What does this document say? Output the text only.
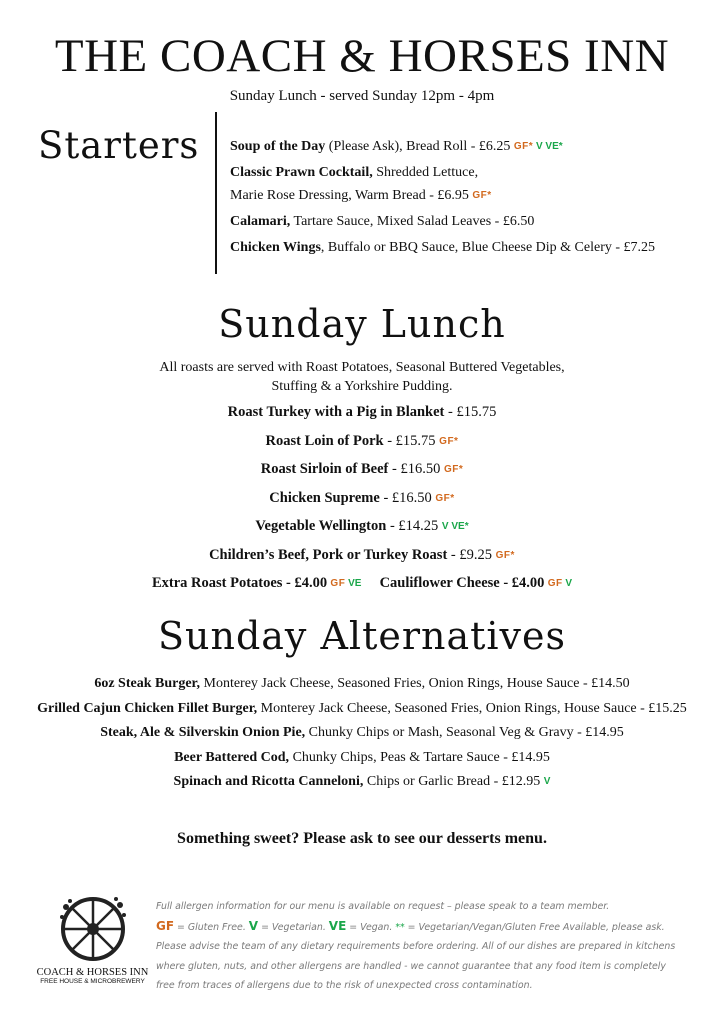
THE COACH & HORSES INN
Sunday Lunch - served Sunday 12pm - 4pm
Starters Soup of the Day (Please Ask), Bread Roll - £6.25 GF* V VE*
Classic Prawn Cocktail, Shredded Lettuce,
Marie Rose Dressing, Warm Bread - £6.95 GF*
Calamari, Tartare Sauce, Mixed Salad Leaves - £6.50
Chicken Wings, Buffalo or BBQ Sauce, Blue Cheese Dip & Celery - £7.25
Sunday Lunch
All roasts are served with Roast Potatoes, Seasonal Buttered Vegetables,
Stuffing & a Yorkshire Pudding.
Roast Turkey with a Pig in Blanket - £15.75
Roast Loin of Pork - £15.75 GF*
Roast Sirloin of Beef - £16.50 GF*
Chicken Supreme - £16.50 GF*
Vegetable Wellington - £14.25 V VE*
Children’s Beef, Pork or Turkey Roast - £9.25 GF*
Extra Roast Potatoes - £4.00 GF VE Cauliflower Cheese - £4.00 GF V
Sunday Alternatives
6oz Steak Burger, Monterey Jack Cheese, Seasoned Fries, Onion Rings, House Sauce - £14.50
Grilled Cajun Chicken Fillet Burger, Monterey Jack Cheese, Seasoned Fries, Onion Rings, House Sauce - £15.25
Steak, Ale & Silverskin Onion Pie, Chunky Chips or Mash, Seasonal Veg & Gravy - £14.95
Beer Battered Cod, Chunky Chips, Peas & Tartare Sauce - £14.95
Spinach and Ricotta Canneloni, Chips or Garlic Bread - £12.95 V
Something sweet? Please ask to see our desserts menu.
COACH & HORSES INN
FREE HOUSE & MICROBREWERY
Full allergen information for our menu is available on request – please speak to a team member.
GF = Gluten Free. V = Vegetarian. VE = Vegan. ** = Vegetarian/Vegan/Gluten Free Available, please ask.
Please advise the team of any dietary requirements before ordering. All of our dishes are prepared in kitchens
where gluten, nuts, and other allergens are handled - we cannot guarantee that any food item is completely
free from traces of allergens due to the risk of unexpected cross contamination.
